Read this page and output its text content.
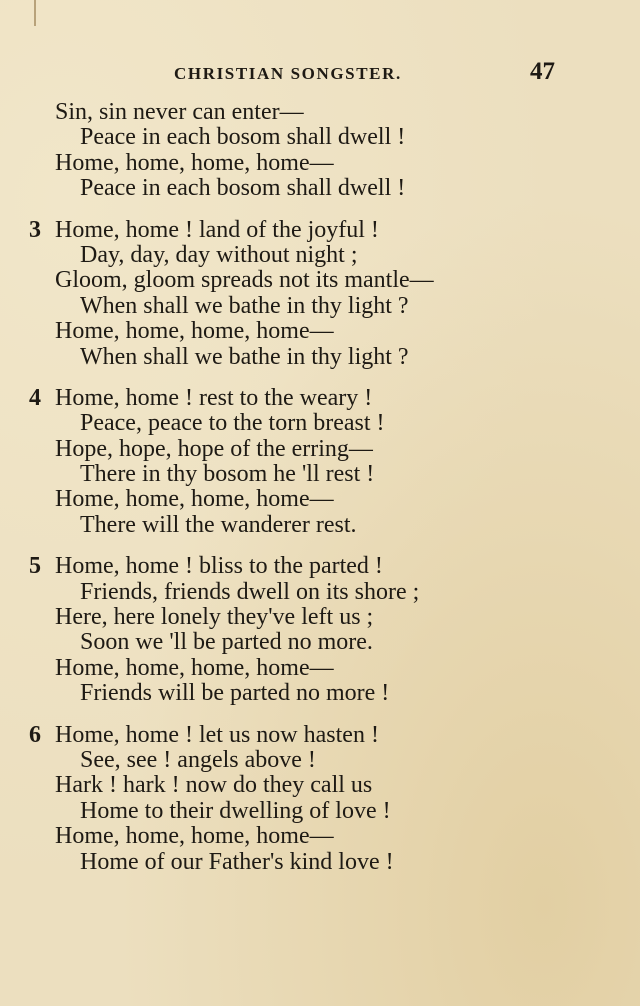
CHRISTIAN SONGSTER.	47
Sin, sin never can enter—
Peace in each bosom shall dwell !
Home, home, home, home—
Peace in each bosom shall dwell !
3 Home, home ! land of the joyful !
Day, day, day without night ;
Gloom, gloom spreads not its mantle—
When shall we bathe in thy light ?
Home, home, home, home—
When shall we bathe in thy light ?
4 Home, home ! rest to the weary !
Peace, peace to the torn breast !
Hope, hope, hope of the erring—
There in thy bosom he 'll rest !
Home, home, home, home—
There will the wanderer rest.
5 Home, home ! bliss to the parted !
Friends, friends dwell on its shore ;
Here, here lonely they've left us ;
Soon we 'll be parted no more.
Home, home, home, home—
Friends will be parted no more !
6 Home, home ! let us now hasten !
See, see ! angels above !
Hark ! hark ! now do they call us
Home to their dwelling of love !
Home, home, home, home—
Home of our Father's kind love !
